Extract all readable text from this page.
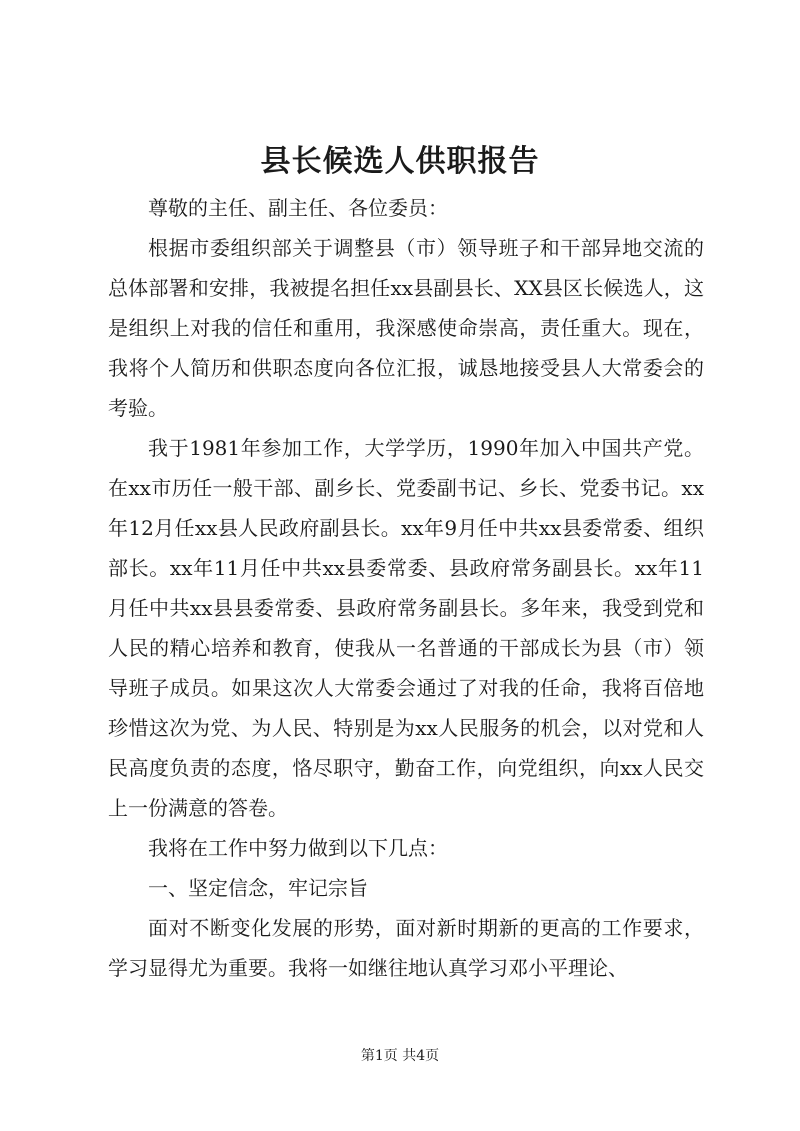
县长候选人供职报告

尊敬的主任、副主任、各位委员：

根据市委组织部关于调整县（市）领导班子和干部异地交流的总体部署和安排，我被提名担任xx县副县长、XX县区长候选人，这是组织上对我的信任和重用，我深感使命崇高，责任重大。现在，我将个人简历和供职态度向各位汇报，诚恳地接受县人大常委会的考验。

我于1981年参加工作，大学学历，1990年加入中国共产党。在xx市历任一般干部、副乡长、党委副书记、乡长、党委书记。xx年12月任xx县人民政府副县长。xx年9月任中共xx县委常委、组织部长。xx年11月任中共xx县委常委、县政府常务副县长。xx年11月任中共xx县县委常委、县政府常务副县长。多年来，我受到党和人民的精心培养和教育，使我从一名普通的干部成长为县（市）领导班子成员。如果这次人大常委会通过了对我的任命，我将百倍地珍惜这次为党、为人民、特别是为xx人民服务的机会，以对党和人民高度负责的态度，恪尽职守，勤奋工作，向党组织，向xx人民交上一份满意的答卷。

我将在工作中努力做到以下几点：

一、坚定信念，牢记宗旨

面对不断变化发展的形势，面对新时期新的更高的工作要求，学习显得尤为重要。我将一如继往地认真学习邓小平理论、

第1页 共4页
